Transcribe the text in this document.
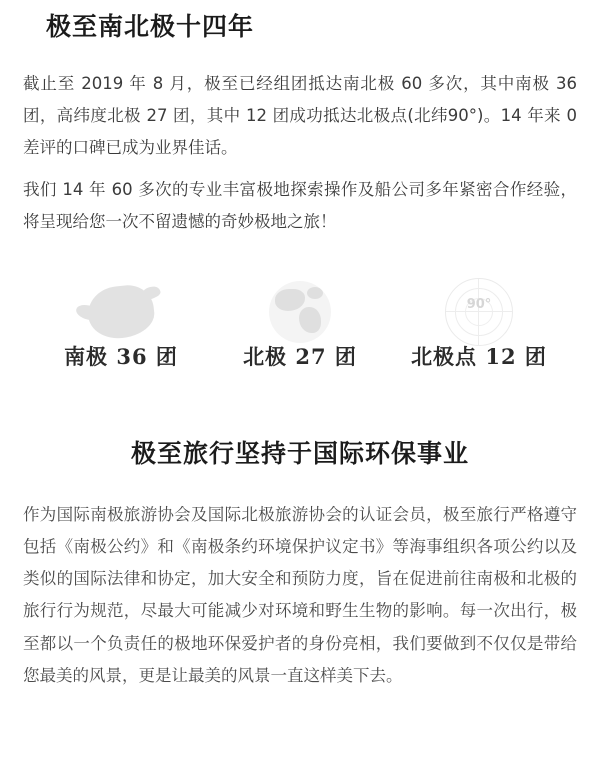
极至南北极十四年

截止至 2019 年 8 月，极至已经组团抵达南北极 60 多次，其中南极 36 团，高纬度北极 27 团，其中 12 团成功抵达北极点(北纬90°)。14 年来 0 差评的口碑已成为业界佳话。

我们 14 年 60 多次的专业丰富极地探索操作及船公司多年紧密合作经验，将呈现给您一次不留遗憾的奇妙极地之旅！

南极 36 团	北极 27 团
90°
北极点 12 团
极至旅行坚持于国际环保事业

作为国际南极旅游协会及国际北极旅游协会的认证会员，极至旅行严格遵守包括《南极公约》和《南极条约环境保护议定书》等海事组织各项公约以及类似的国际法律和协定，加大安全和预防力度，旨在促进前往南极和北极的旅行行为规范，尽最大可能减少对环境和野生生物的影响。每一次出行，极至都以一个负责任的极地环保爱护者的身份亮相，我们要做到不仅仅是带给您最美的风景，更是让最美的风景一直这样美下去。
